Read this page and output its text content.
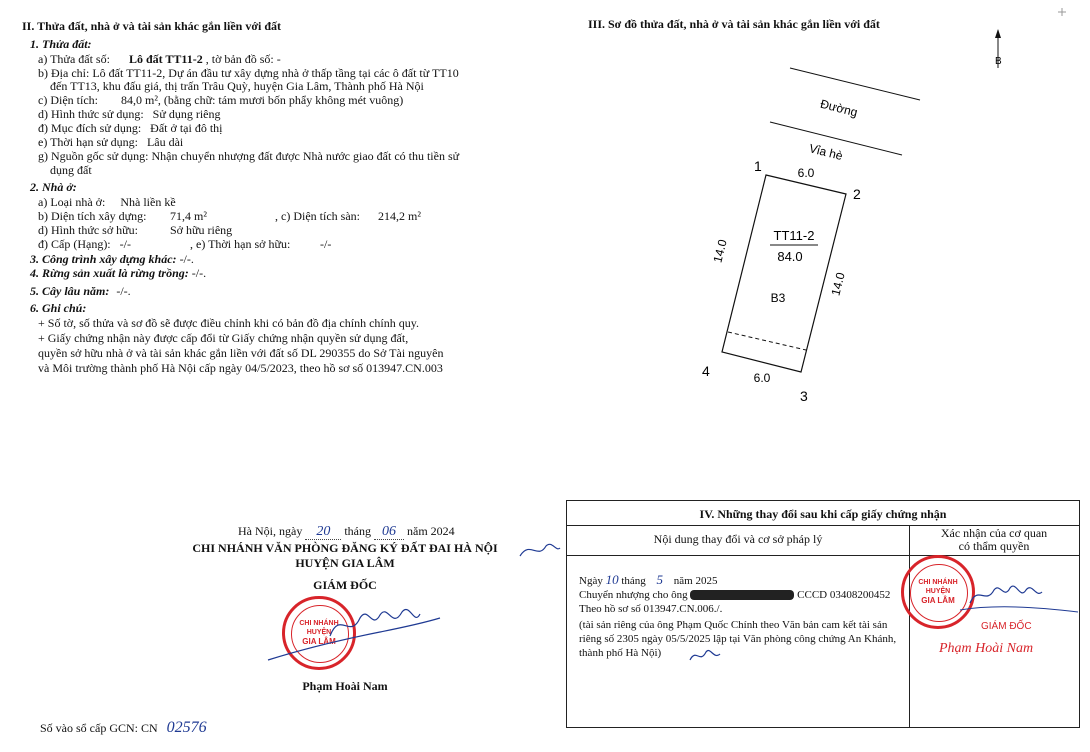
II. Thửa đất, nhà ở và tài sản khác gắn liền với đất
1. Thửa đất:
a) Thửa đất số: Lô đất TT11-2 , tờ bản đồ số: -
b) Địa chỉ: Lô đất TT11-2, Dự án đầu tư xây dựng nhà ở thấp tầng tại các ô đất từ TT10
đến TT13, khu đấu giá, thị trấn Trâu Quỳ, huyện Gia Lâm, Thành phố Hà Nội
c) Diện tích: 84,0 m², (bằng chữ: tám mươi bốn phẩy không mét vuông)
d) Hình thức sử dụng: Sử dụng riêng
đ) Mục đích sử dụng: Đất ở tại đô thị
e) Thời hạn sử dụng: Lâu dài
g) Nguồn gốc sử dụng: Nhận chuyển nhượng đất được Nhà nước giao đất có thu tiền sử
dụng đất
2. Nhà ở:
a) Loại nhà ở: Nhà liền kề
b) Diện tích xây dựng: 71,4 m²	, c) Diện tích sàn: 214,2 m²
d) Hình thức sở hữu:	Sở hữu riêng
đ) Cấp (Hạng): -/-	, e) Thời hạn sở hữu: -/-
3. Công trình xây dựng khác: -/-.
4. Rừng sản xuất là rừng trồng: -/-.
5. Cây lâu năm: -/-.
6. Ghi chú:
+ Số tờ, số thửa và sơ đồ sẽ được điều chỉnh khi có bản đồ địa chính chính quy.
+ Giấy chứng nhận này được cấp đổi từ Giấy chứng nhận quyền sử dụng đất,
quyền sở hữu nhà ở và tài sản khác gắn liền với đất số DL 290355 do Sở Tài nguyên
và Môi trường thành phố Hà Nội cấp ngày 04/5/2023, theo hồ sơ số 013947.CN.003
Hà Nội, ngày 20 tháng 06 năm 2024
CHI NHÁNH VĂN PHÒNG ĐĂNG KÝ ĐẤT ĐAI HÀ NỘI
HUYỆN GIA LÂM
GIÁM ĐỐC
Phạm Hoài Nam
CHI NHÁNH
HUYỆN
GIA LÂM
Số vào sổ cấp GCN: CN 02576
III. Sơ đồ thửa đất, nhà ở và tài sản khác gắn liền với đất
IV. Những thay đổi sau khi cấp giấy chứng nhận
Nội dung thay đổi và cơ sở pháp lý	Xác nhận của cơ quan
có thẩm quyền
Ngày 10 tháng 5 năm 2025
Chuyển nhượng cho ông	CCCD 03408200452
Theo hồ sơ số 013947.CN.006./.
(tài sản riêng của ông Phạm Quốc Chính theo Văn bản cam kết tài sản
riêng số 2305 ngày 05/5/2025 lập tại Văn phòng công chứng An Khánh,
thành phố Hà Nội)
CHI NHÁNH
HUYỆN
GIA LÂM
GIÁM ĐỐC
Phạm Hoài Nam
B
Đường
Vỉa hè
1
2
3
4
6.0
6.0
14.0
14.0
TT11-2
84.0
B3
